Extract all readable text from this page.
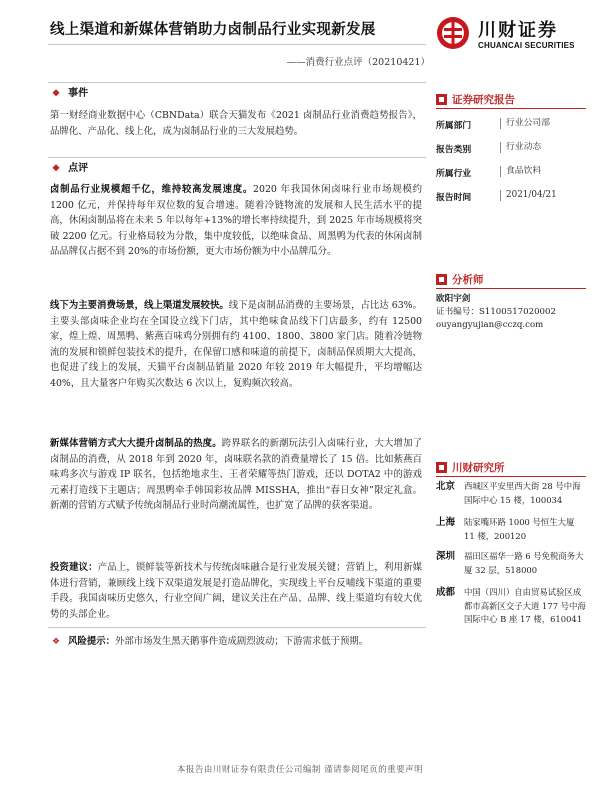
线上渠道和新媒体营销助力卤制品行业实现新发展
——消费行业点评（20210421）
川财证券
CHUANCAI SECURITIES
❖ 事件
第一财经商业数据中心（CBNData）联合天猫发布《2021 卤制品行业消费趋势报告》，品牌化、产品化、线上化，成为卤制品行业的三大发展趋势。
❖ 点评
卤制品行业规模超千亿，维持较高发展速度。2020 年我国休闲卤味行业市场规模约 1200 亿元，并保持每年双位数的复合增速。随着冷链物流的发展和人民生活水平的提高，休闲卤制品将在未来 5 年以每年+13%的增长率持续提升，到 2025 年市场规模将突破 2200 亿元。行业格局较为分散，集中度较低，以绝味食品、周黑鸭为代表的休闲卤制品品牌仅占据不到 20%的市场份额，更大市场份额为中小品牌瓜分。
线下为主要消费场景，线上渠道发展较快。线下是卤制品消费的主要场景，占比达 63%。主要头部卤味企业均在全国设立线下门店，其中绝味食品线下门店最多，约有 12500 家，煌上煌、周黑鸭、紫燕百味鸡分别拥有约 4100、1800、3800 家门店。随着冷链物流的发展和锁鲜包装技术的提升，在保留口感和味道的前提下，卤制品保质期大大提高，也促进了线上的发展，天猫平台卤制品销量 2020 年较 2019 年大幅提升，平均增幅达 40%，且大量客户年购买次数达 6 次以上，复购频次较高。
新媒体营销方式大大提升卤制品的热度。跨界联名的新潮玩法引入卤味行业，大大增加了卤制品的消费，从 2018 年到 2020 年，卤味联名款的消费量增长了 15 倍。比如紫燕百味鸡多次与游戏 IP 联名，包括绝地求生、王者荣耀等热门游戏，还以 DOTA2 中的游戏元素打造线下主题店；周黑鸭牵手韩国彩妆品牌 MISSHA，推出“春日女神”限定礼盒。新潮的营销方式赋予传统卤制品行业时尚潮流属性，也扩宽了品牌的获客渠道。
投资建议：产品上，锁鲜装等新技术与传统卤味融合是行业发展关键；营销上，利用新媒体进行营销，兼顾线上线下双渠道发展是打造品牌化，实现线上平台反哺线下渠道的重要手段。我国卤味历史悠久，行业空间广阔，建议关注在产品、品牌、线上渠道均有较大优势的头部企业。
❖ 风险提示：外部市场发生黑天鹅事件造成剧烈波动；下游需求低于预期。
证券研究报告
所属部门	行业公司部
报告类别	行业动态
所属行业	食品饮料
报告时间	2021/04/21
分析师
欧阳宇剑
证书编号：S1100517020002
ouyangyujian@cczq.com
川财研究所
北京 西城区平安里西大街 28 号中海国际中心 15 楼，100034
上海 陆家嘴环路 1000 号恒生大厦 11 楼，200120
深圳 福田区福华一路 6 号免税商务大厦 32 层，518000
成都 中国（四川）自由贸易试验区成都市高新区交子大道 177 号中海国际中心 B 座 17 楼，610041
本报告由川财证券有限责任公司编制 谨请参阅尾页的重要声明
